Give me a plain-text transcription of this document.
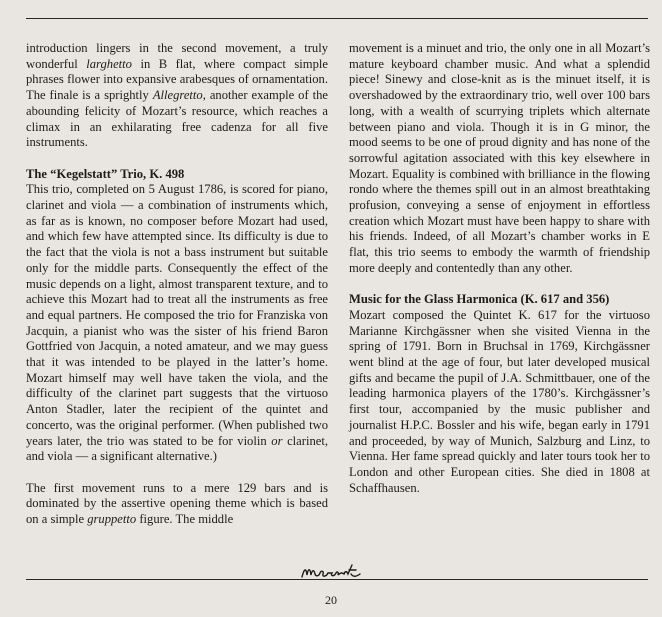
introduction lingers in the second movement, a truly wonderful larghetto in B flat, where compact simple phrases flower into expansive arabesques of ornamentation. The finale is a sprightly Allegretto, another example of the abounding felicity of Mozart’s resource, which reaches a climax in an exhilarating free cadenza for all five instruments.

The “Kegelstatt” Trio, K. 498

This trio, completed on 5 August 1786, is scored for piano, clarinet and viola — a combination of instruments which, as far as is known, no composer before Mozart had used, and which few have attempted since. Its difficulty is due to the fact that the viola is not a bass instrument but suitable only for the middle parts. Consequently the effect of the music depends on a light, almost transparent texture, and to achieve this Mozart had to treat all the instruments as free and equal partners. He composed the trio for Franziska von Jacquin, a pianist who was the sister of his friend Baron Gottfried von Jacquin, a noted amateur, and we may guess that it was intended to be played in the latter’s home. Mozart himself may well have taken the viola, and the difficulty of the clarinet part suggests that the virtuoso Anton Stadler, later the recipient of the quintet and concerto, was the original performer. (When published two years later, the trio was stated to be for violin or clarinet, and viola — a significant alternative.)

The first movement runs to a mere 129 bars and is dominated by the assertive opening theme which is based on a simple gruppetto figure. The middle

movement is a minuet and trio, the only one in all Mozart’s mature keyboard chamber music. And what a splendid piece! Sinewy and close-knit as is the minuet itself, it is overshadowed by the extraordinary trio, well over 100 bars long, with a wealth of scurrying triplets which alternate between piano and viola. Though it is in G minor, the mood seems to be one of proud dignity and has none of the sorrowful agitation associated with this key elsewhere in Mozart. Equality is combined with brilliance in the flowing rondo where the themes spill out in an almost breathtaking profusion, conveying a sense of enjoyment in effortless creation which Mozart must have been happy to share with his friends. Indeed, of all Mozart’s chamber works in E flat, this trio seems to embody the warmth of friendship more deeply and contentedly than any other.

Music for the Glass Harmonica (K. 617 and 356)

Mozart composed the Quintet K. 617 for the virtuoso Marianne Kirchgässner when she visited Vienna in the spring of 1791. Born in Bruchsal in 1769, Kirchgässner went blind at the age of four, but later developed musical gifts and became the pupil of J.A. Schmittbauer, one of the leading harmonica players of the 1780’s. Kirchgässner’s first tour, accompanied by the music publisher and journalist H.P.C. Bossler and his wife, began early in 1791 and proceeded, by way of Munich, Salzburg and Linz, to Vienna. Her fame spread quickly and later tours took her to London and other European cities. She died in 1808 at Schaffhausen.

20
